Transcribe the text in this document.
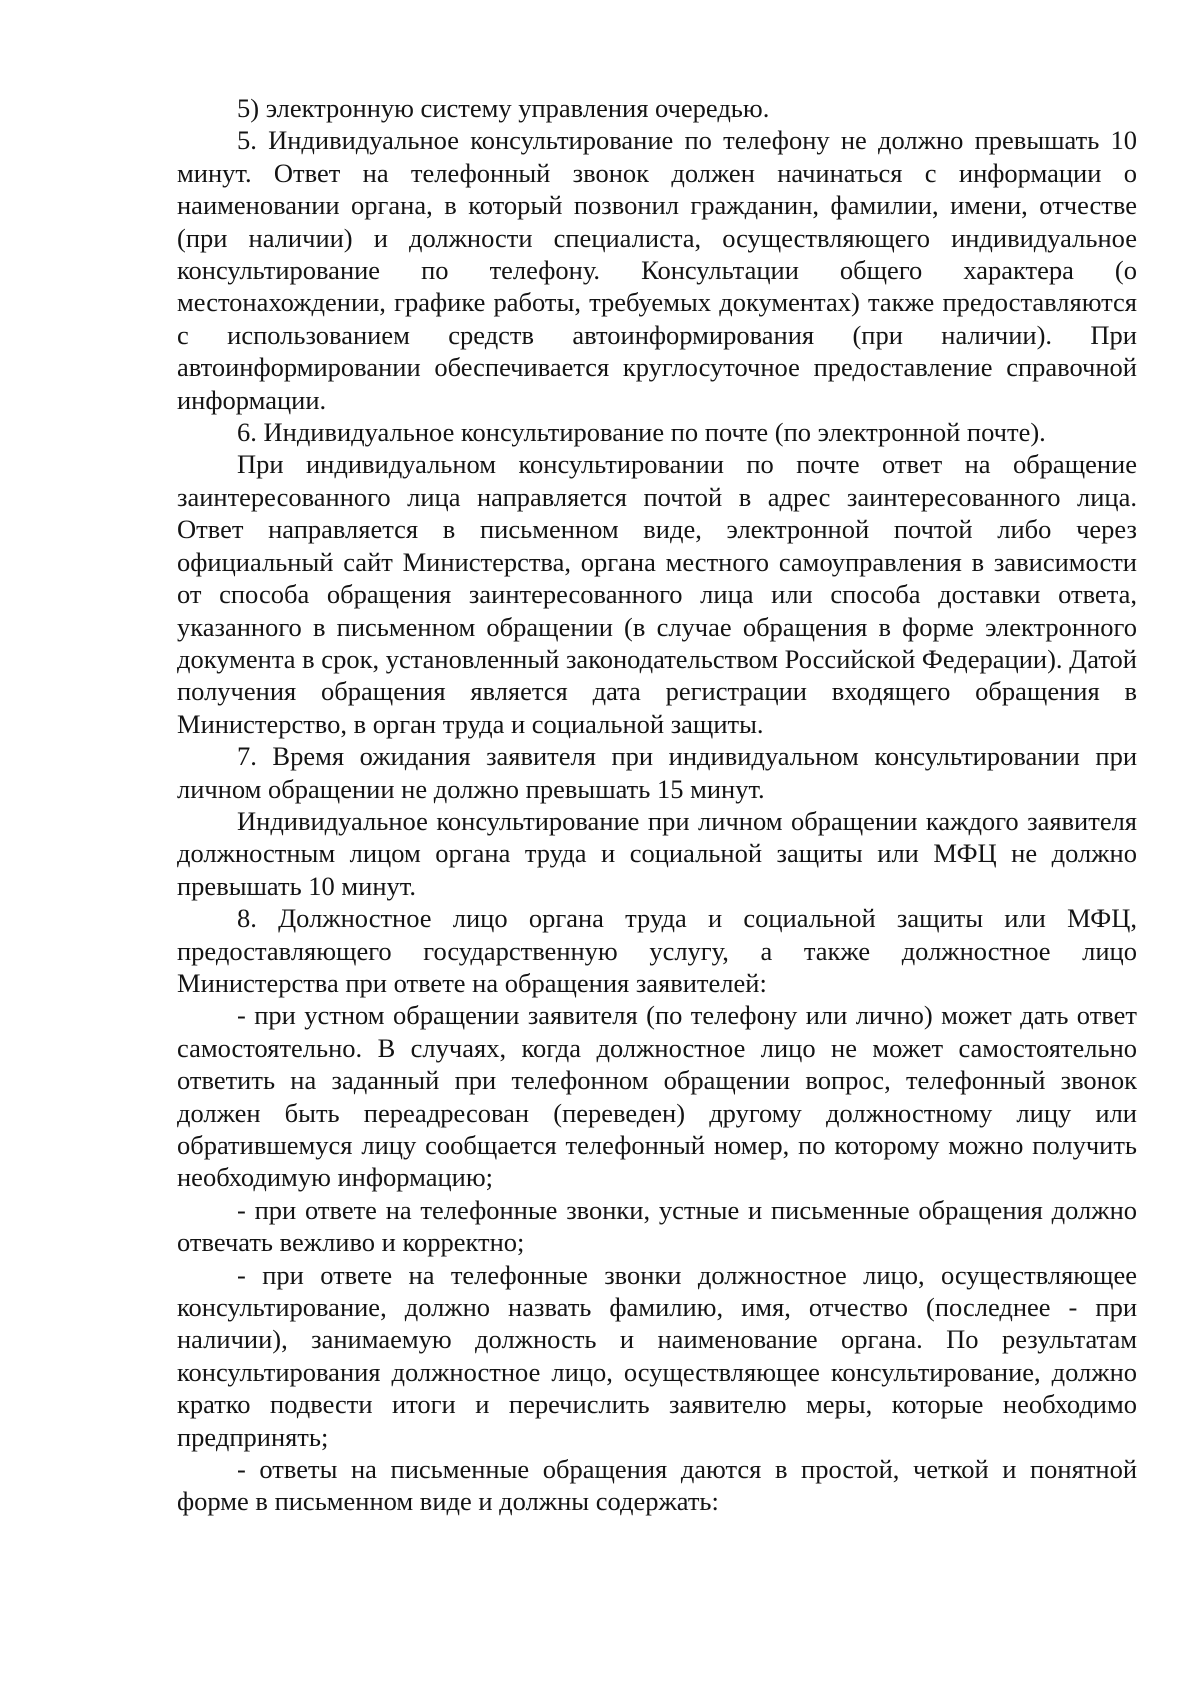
5) электронную систему управления очередью.

5. Индивидуальное консультирование по телефону не должно превышать 10 минут. Ответ на телефонный звонок должен начинаться с информации о наименовании органа, в который позвонил гражданин, фамилии, имени, отчестве (при наличии) и должности специалиста, осуществляющего индивидуальное консультирование по телефону. Консультации общего характера (о местонахождении, графике работы, требуемых документах) также предоставляются с использованием средств автоинформирования (при наличии). При автоинформировании обеспечивается круглосуточное предоставление справочной информации.

6. Индивидуальное консультирование по почте (по электронной почте).

При индивидуальном консультировании по почте ответ на обращение заинтересованного лица направляется почтой в адрес заинтересованного лица. Ответ направляется в письменном виде, электронной почтой либо через официальный сайт Министерства, органа местного самоуправления в зависимости от способа обращения заинтересованного лица или способа доставки ответа, указанного в письменном обращении (в случае обращения в форме электронного документа в срок, установленный законодательством Российской Федерации). Датой получения обращения является дата регистрации входящего обращения в Министерство, в орган труда и социальной защиты.

7. Время ожидания заявителя при индивидуальном консультировании при личном обращении не должно превышать 15 минут.

Индивидуальное консультирование при личном обращении каждого заявителя должностным лицом органа труда и социальной защиты или МФЦ не должно превышать 10 минут.

8. Должностное лицо органа труда и социальной защиты или МФЦ, предоставляющего государственную услугу, а также должностное лицо Министерства при ответе на обращения заявителей:

- при устном обращении заявителя (по телефону или лично) может дать ответ самостоятельно. В случаях, когда должностное лицо не может самостоятельно ответить на заданный при телефонном обращении вопрос, телефонный звонок должен быть переадресован (переведен) другому должностному лицу или обратившемуся лицу сообщается телефонный номер, по которому можно получить необходимую информацию;

- при ответе на телефонные звонки, устные и письменные обращения должно отвечать вежливо и корректно;

- при ответе на телефонные звонки должностное лицо, осуществляющее консультирование, должно назвать фамилию, имя, отчество (последнее - при наличии), занимаемую должность и наименование органа. По результатам консультирования должностное лицо, осуществляющее консультирование, должно кратко подвести итоги и перечислить заявителю меры, которые необходимо предпринять;

- ответы на письменные обращения даются в простой, четкой и понятной форме в письменном виде и должны содержать:
